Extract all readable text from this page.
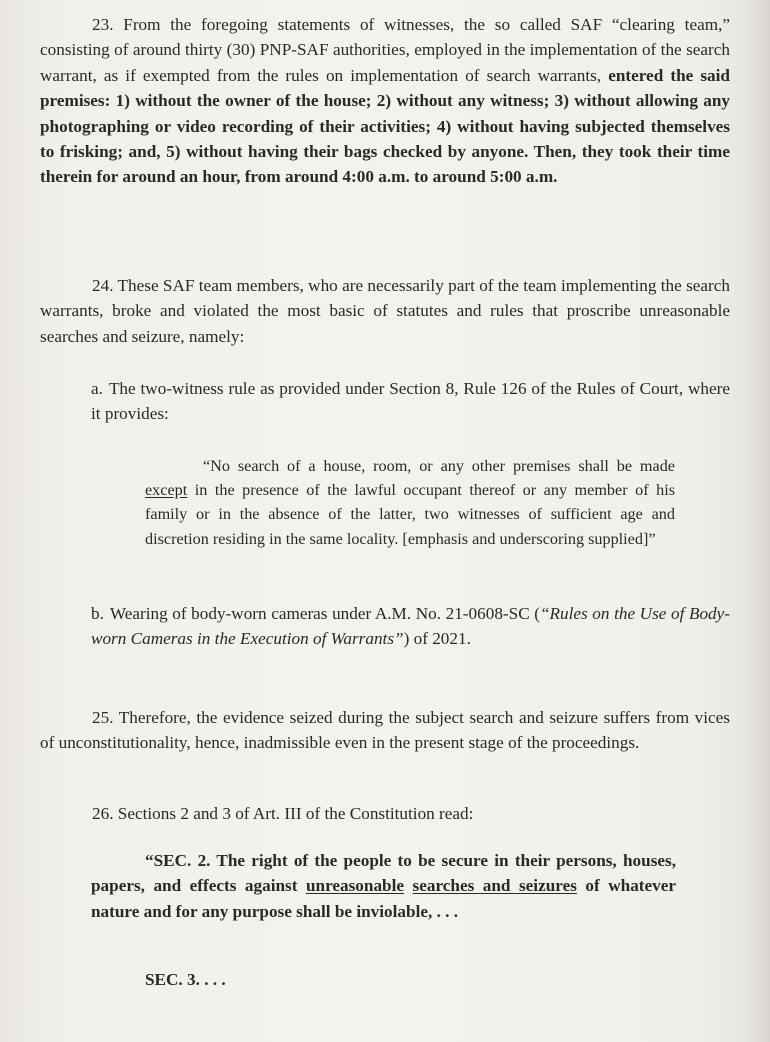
23. From the foregoing statements of witnesses, the so called SAF “clearing team,” consisting of around thirty (30) PNP-SAF authorities, employed in the implementation of the search warrant, as if exempted from the rules on implementation of search warrants, entered the said premises: 1) without the owner of the house; 2) without any witness; 3) without allowing any photographing or video recording of their activities; 4) without having subjected themselves to frisking; and, 5) without having their bags checked by anyone. Then, they took their time therein for around an hour, from around 4:00 a.m. to around 5:00 a.m.

24. These SAF team members, who are necessarily part of the team implementing the search warrants, broke and violated the most basic of statutes and rules that proscribe unreasonable searches and seizure, namely:

a. The two-witness rule as provided under Section 8, Rule 126 of the Rules of Court, where it provides:

“No search of a house, room, or any other premises shall be made except in the presence of the lawful occupant thereof or any member of his family or in the absence of the latter, two witnesses of sufficient age and discretion residing in the same locality. [emphasis and underscoring supplied]”

b. Wearing of body-worn cameras under A.M. No. 21-0608-SC (“Rules on the Use of Body-worn Cameras in the Execution of Warrants”) of 2021.

25. Therefore, the evidence seized during the subject search and seizure suffers from vices of unconstitutionality, hence, inadmissible even in the present stage of the proceedings.

26. Sections 2 and 3 of Art. III of the Constitution read:

“SEC. 2. The right of the people to be secure in their persons, houses, papers, and effects against unreasonable searches and seizures of whatever nature and for any purpose shall be inviolable, . . .

SEC. 3. . . .
